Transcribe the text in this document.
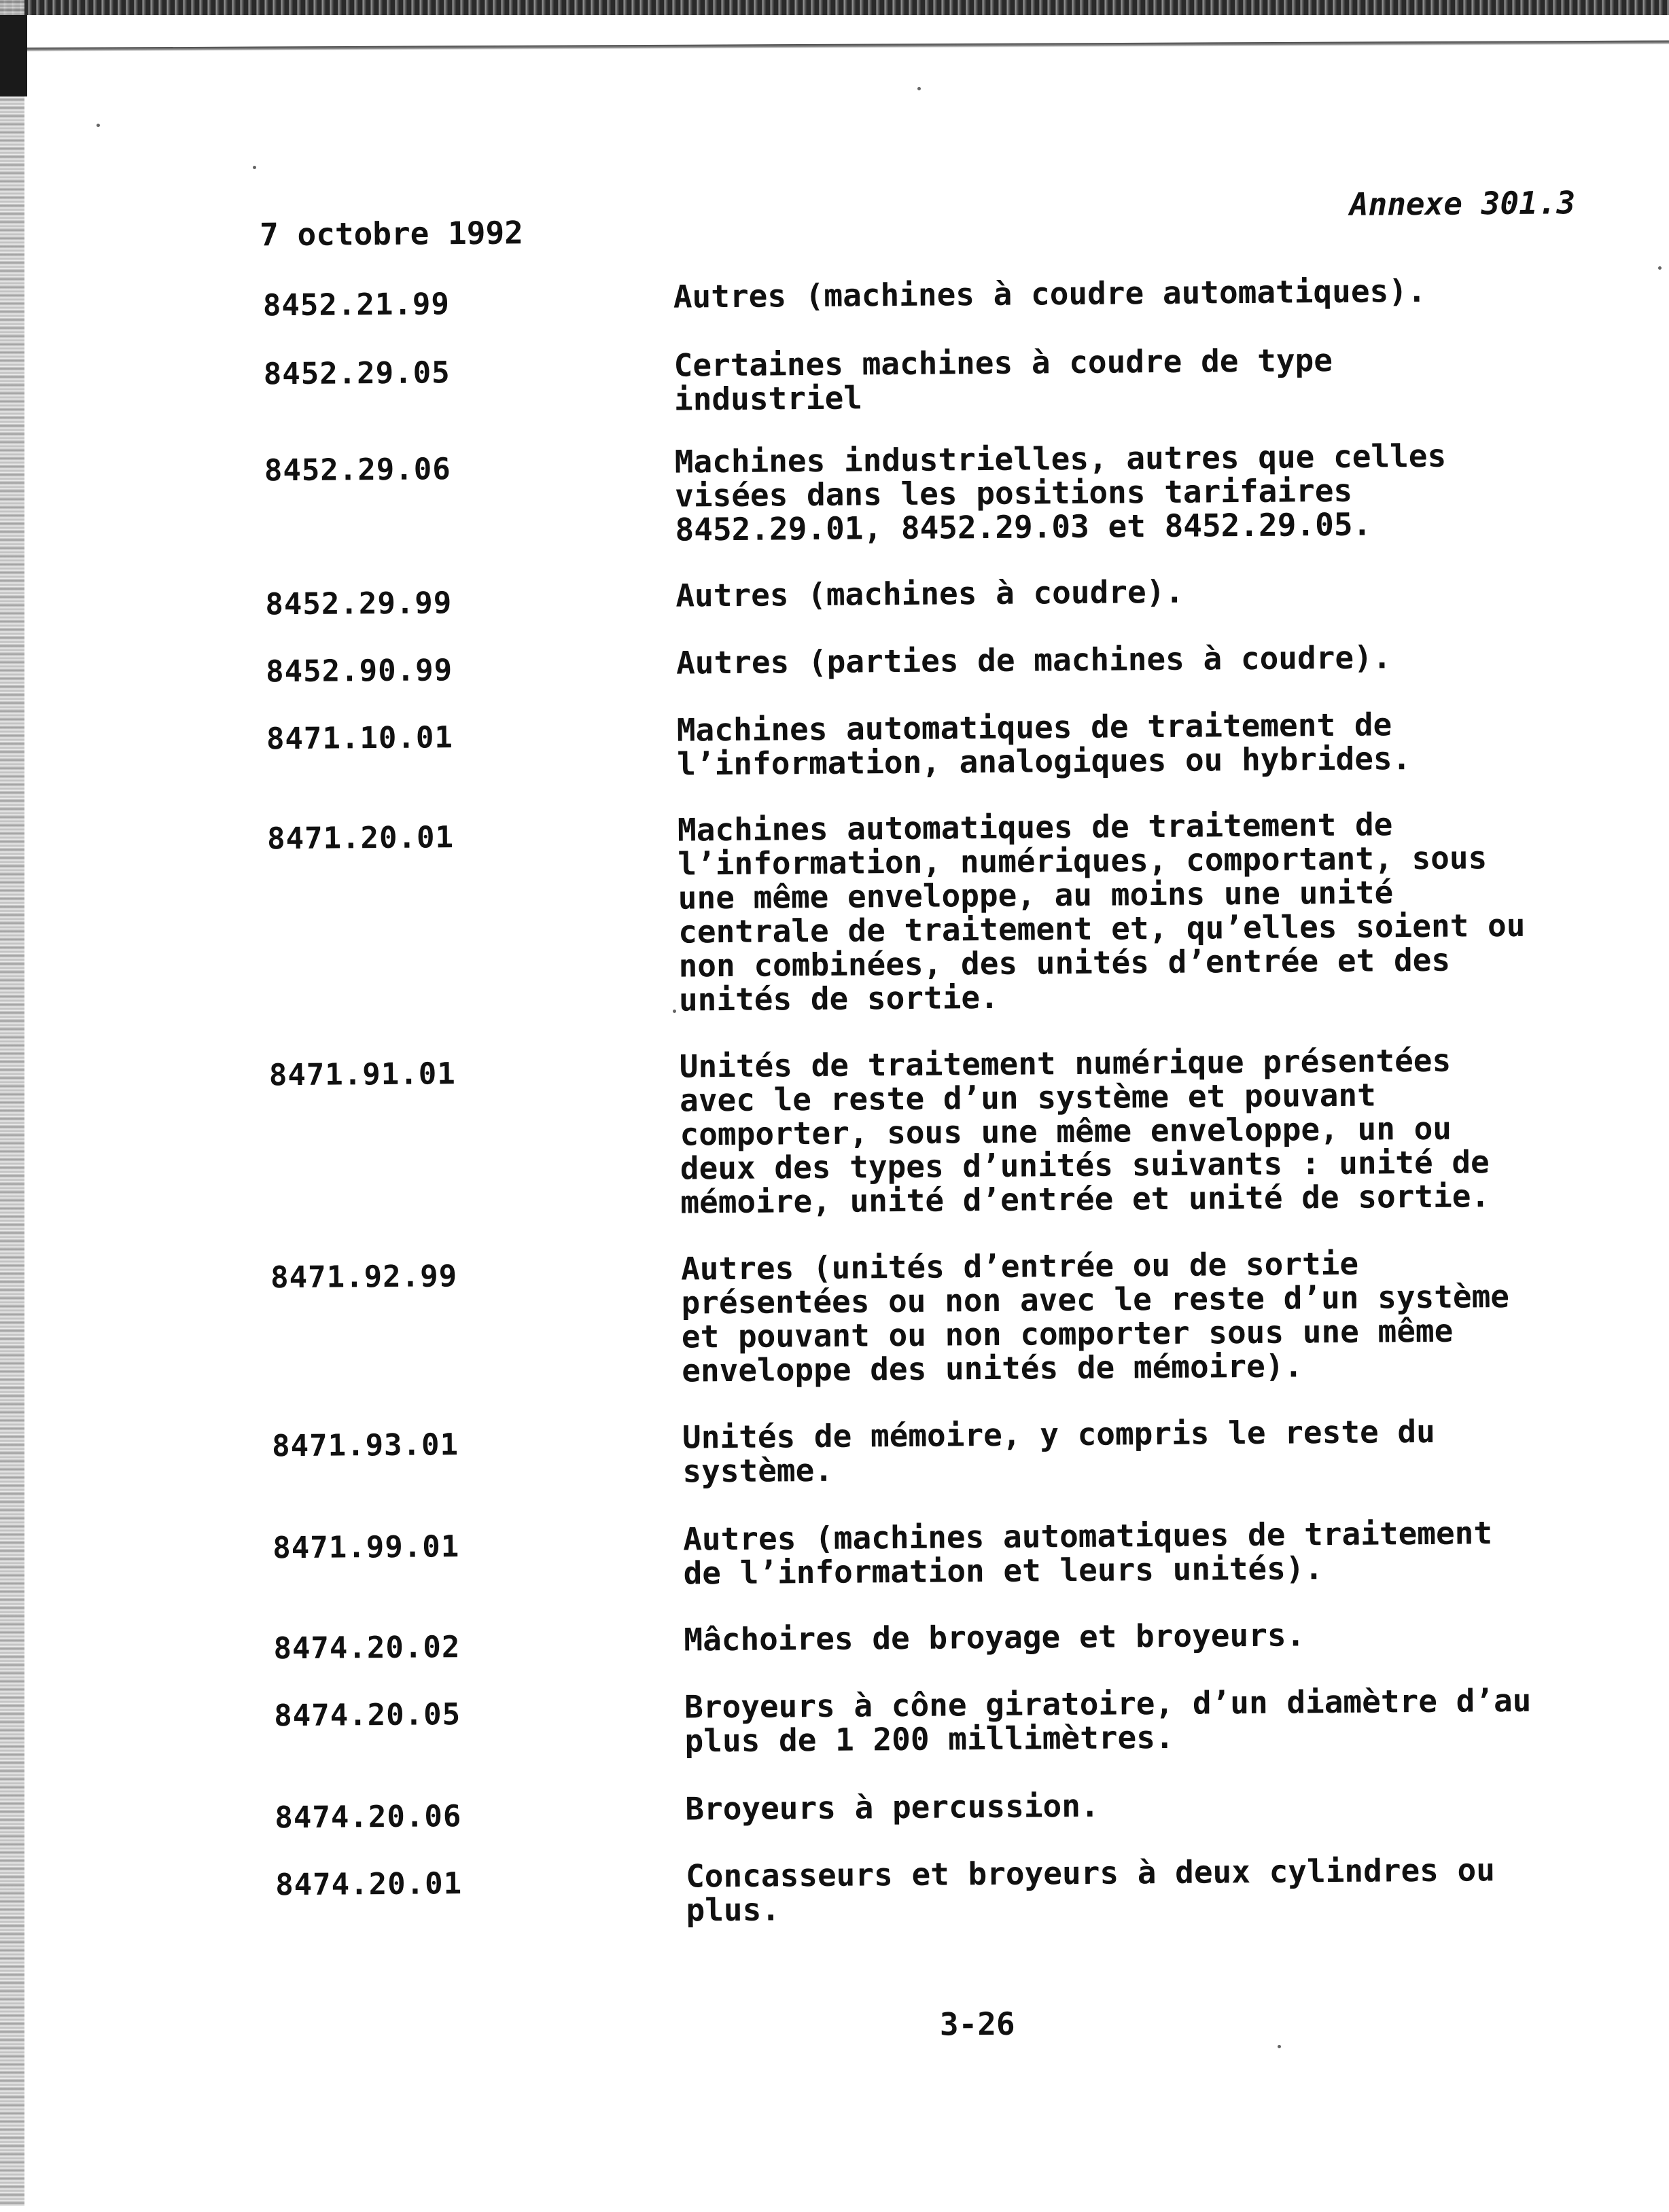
7 octobre 1992
Annexe 301.3
8452.21.99	Autres (machines à coudre automatiques).
8452.29.05	Certaines machines à coudre de type
industriel
8452.29.06	Machines industrielles, autres que celles
visées dans les positions tarifaires
8452.29.01, 8452.29.03 et 8452.29.05.
8452.29.99	Autres (machines à coudre).
8452.90.99	Autres (parties de machines à coudre).
8471.10.01	Machines automatiques de traitement de
l’information, analogiques ou hybrides.
8471.20.01	Machines automatiques de traitement de
l’information, numériques, comportant, sous
une même enveloppe, au moins une unité
centrale de traitement et, qu’elles soient ou
non combinées, des unités d’entrée et des
unités de sortie.
8471.91.01	Unités de traitement numérique présentées
avec le reste d’un système et pouvant
comporter, sous une même enveloppe, un ou
deux des types d’unités suivants : unité de
mémoire, unité d’entrée et unité de sortie.
8471.92.99	Autres (unités d’entrée ou de sortie
présentées ou non avec le reste d’un système
et pouvant ou non comporter sous une même
enveloppe des unités de mémoire).
8471.93.01	Unités de mémoire, y compris le reste du
système.
8471.99.01	Autres (machines automatiques de traitement
de l’information et leurs unités).
8474.20.02	Mâchoires de broyage et broyeurs.
8474.20.05	Broyeurs à cône giratoire, d’un diamètre d’au
plus de 1 200 millimètres.
8474.20.06	Broyeurs à percussion.
8474.20.01	Concasseurs et broyeurs à deux cylindres ou
plus.
3-26
